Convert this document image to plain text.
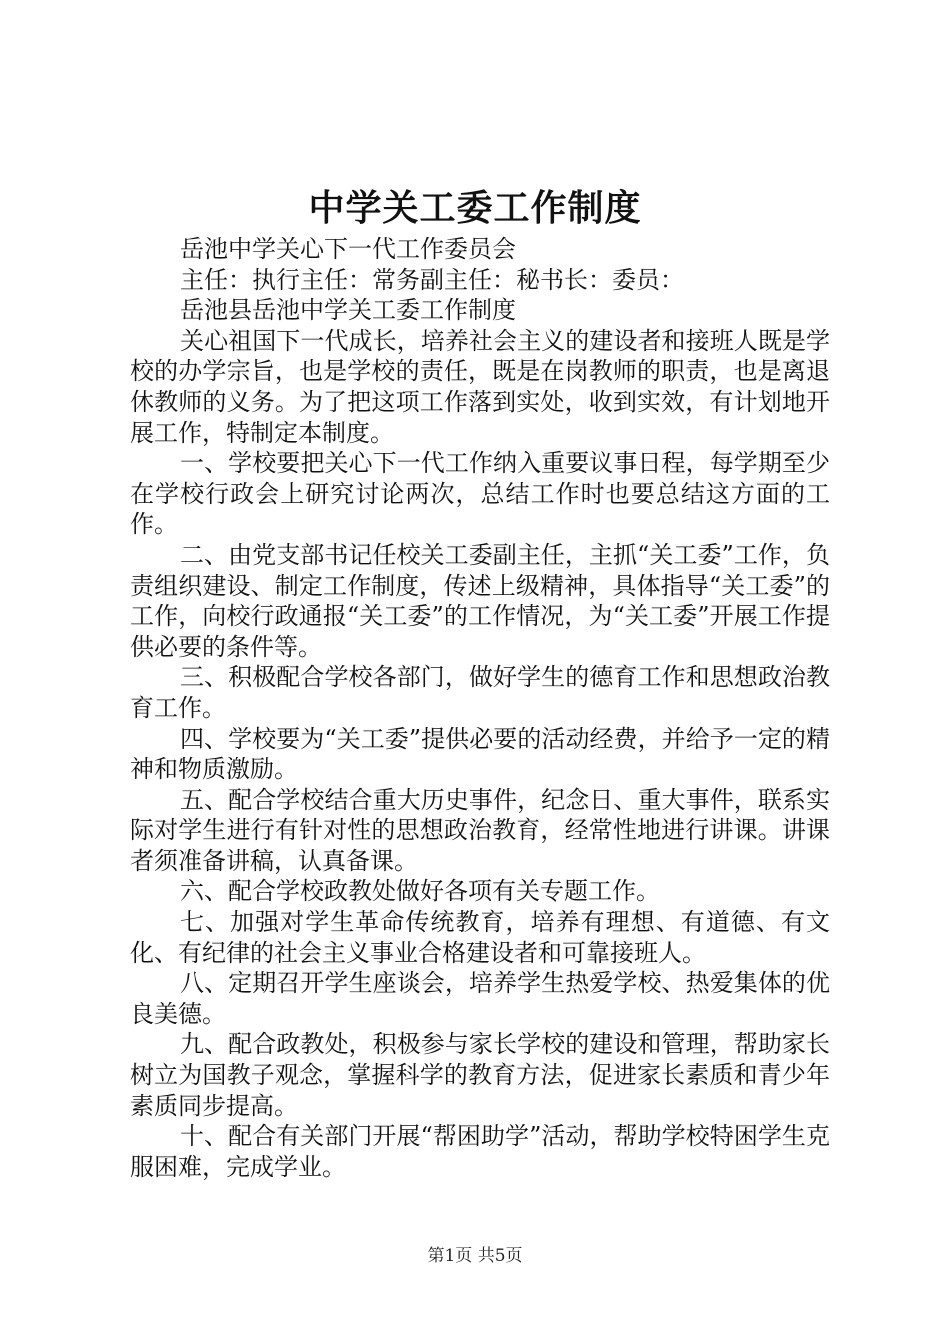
中学关工委工作制度

岳池中学关心下一代工作委员会

主任：执行主任：常务副主任：秘书长：委员：

岳池县岳池中学关工委工作制度

关心祖国下一代成长，培养社会主义的建设者和接班人既是学校的办学宗旨，也是学校的责任，既是在岗教师的职责，也是离退休教师的义务。为了把这项工作落到实处，收到实效，有计划地开展工作，特制定本制度。

一、学校要把关心下一代工作纳入重要议事日程，每学期至少在学校行政会上研究讨论两次，总结工作时也要总结这方面的工作。

二、由党支部书记任校关工委副主任，主抓“关工委”工作，负责组织建设、制定工作制度，传述上级精神，具体指导“关工委”的工作，向校行政通报“关工委”的工作情况，为“关工委”开展工作提供必要的条件等。

三、积极配合学校各部门，做好学生的德育工作和思想政治教育工作。

四、学校要为“关工委”提供必要的活动经费，并给予一定的精神和物质激励。

五、配合学校结合重大历史事件，纪念日、重大事件，联系实际对学生进行有针对性的思想政治教育，经常性地进行讲课。讲课者须准备讲稿，认真备课。

六、配合学校政教处做好各项有关专题工作。

七、加强对学生革命传统教育，培养有理想、有道德、有文化、有纪律的社会主义事业合格建设者和可靠接班人。

八、定期召开学生座谈会，培养学生热爱学校、热爱集体的优良美德。

九、配合政教处，积极参与家长学校的建设和管理，帮助家长树立为国教子观念，掌握科学的教育方法，促进家长素质和青少年素质同步提高。

十、配合有关部门开展“帮困助学”活动，帮助学校特困学生克服困难，完成学业。

第1页 共5页
